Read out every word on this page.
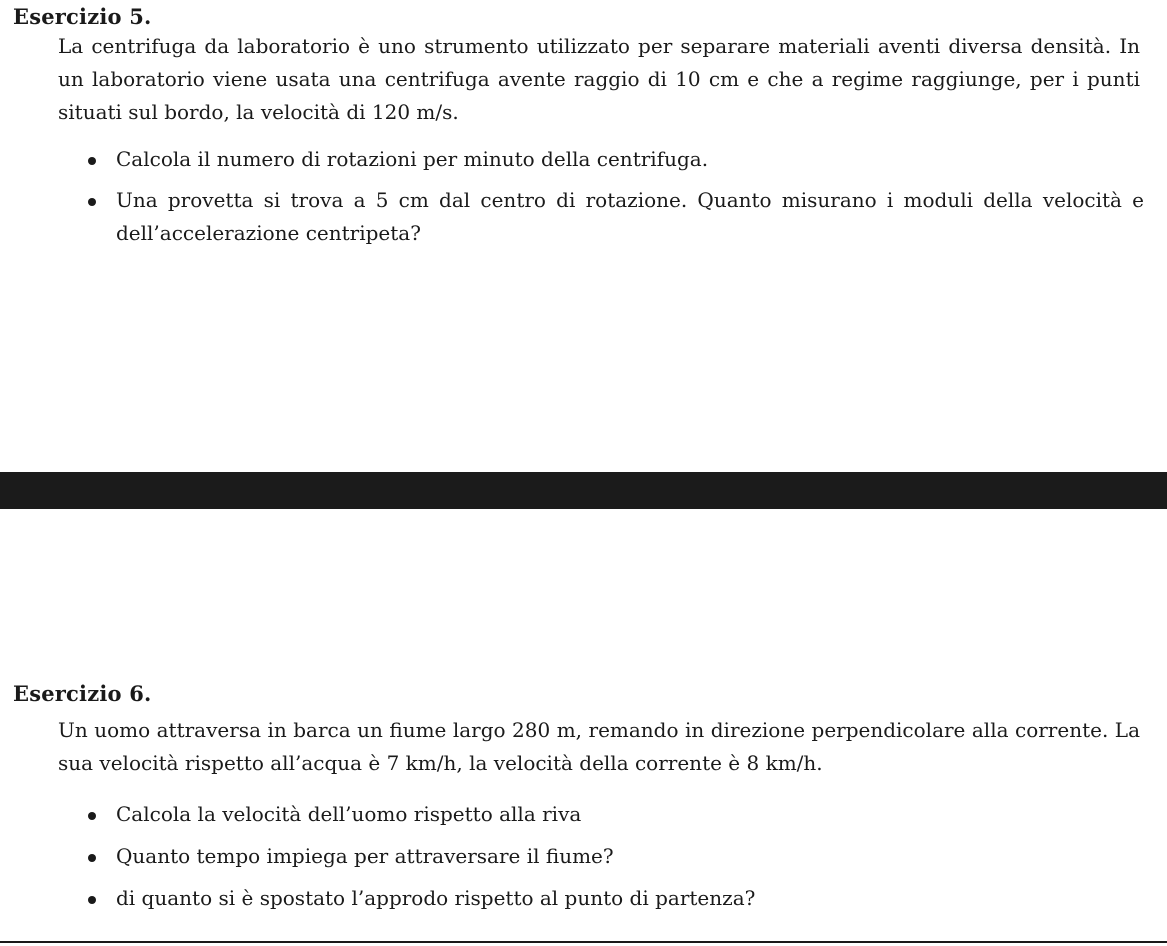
Esercizio 5.
La centrifuga da laboratorio è uno strumento utilizzato per separare materiali aventi diversa densità. In un laboratorio viene usata una centrifuga avente raggio di 10 cm e che a regime raggiunge, per i punti situati sul bordo, la velocità di 120 m/s.
Calcola il numero di rotazioni per minuto della centrifuga.
Una provetta si trova a 5 cm dal centro di rotazione. Quanto misurano i moduli della velocità e dell’accelerazione centripeta?
Esercizio 6.
Un uomo attraversa in barca un fiume largo 280 m, remando in direzione perpendicolare alla corrente. La sua velocità rispetto all’acqua è 7 km/h, la velocità della corrente è 8 km/h.
Calcola la velocità dell’uomo rispetto alla riva
Quanto tempo impiega per attraversare il fiume?
di quanto si è spostato l’approdo rispetto al punto di partenza?
